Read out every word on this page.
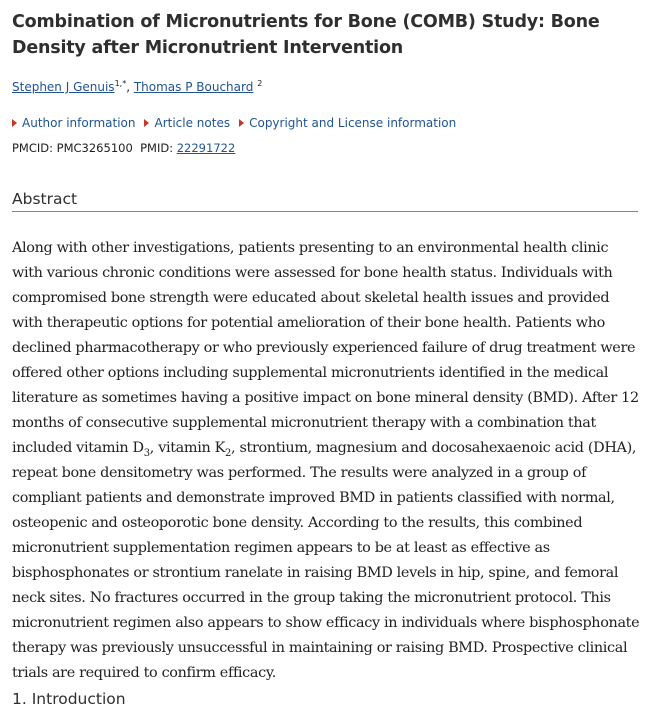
Combination of Micronutrients for Bone (COMB) Study: Bone Density after Micronutrient Intervention
Stephen J Genuis$^{1,*}$, Thomas P Bouchard $^2$
Author information Article notes Copyright and License information
PMCID: PMC3265100 PMID: 22291722
Abstract

Along with other investigations, patients presenting to an environmental health clinic with various chronic conditions were assessed for bone health status. Individuals with compromised bone strength were educated about skeletal health issues and provided with therapeutic options for potential amelioration of their bone health. Patients who declined pharmacotherapy or who previously experienced failure of drug treatment were offered other options including supplemental micronutrients identified in the medical literature as sometimes having a positive impact on bone mineral density (BMD). After 12 months of consecutive supplemental micronutrient therapy with a combination that included vitamin $D_3$, vitamin $K_2$, strontium, magnesium and docosahexaenoic acid (DHA), repeat bone densitometry was performed. The results were analyzed in a group of compliant patients and demonstrate improved BMD in patients classified with normal, osteopenic and osteoporotic bone density. According to the results, this combined micronutrient supplementation regimen appears to be at least as effective as bisphosphonates or strontium ranelate in raising BMD levels in hip, spine, and femoral neck sites. No fractures occurred in the group taking the micronutrient protocol. This micronutrient regimen also appears to show efficacy in individuals where bisphosphonate therapy was previously unsuccessful in maintaining or raising BMD. Prospective clinical trials are required to confirm efficacy.

1. Introduction
